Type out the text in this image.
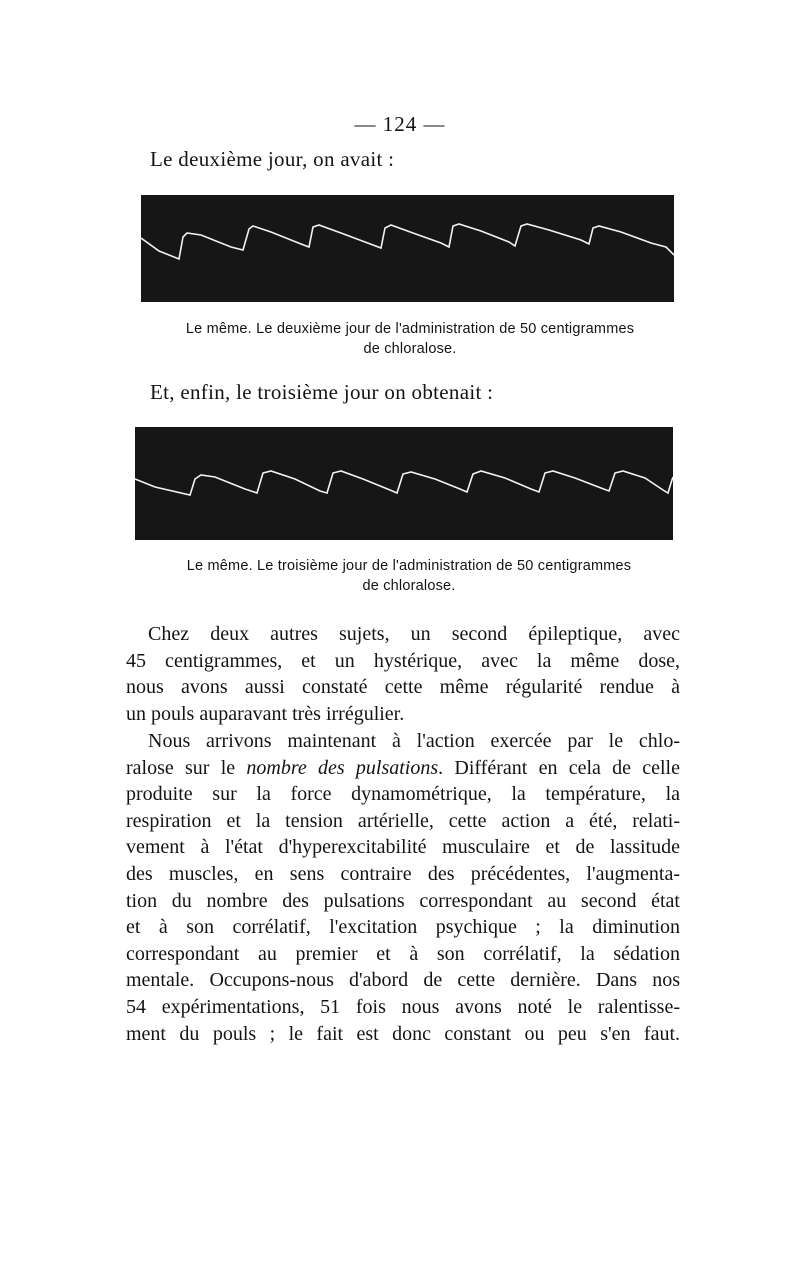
— 124 —
Le deuxième jour, on avait :
Le même. Le deuxième jour de l'administration de 50 centigrammes
de chloralose.
Et, enfin, le troisième jour on obtenait :
Le même. Le troisième jour de l'administration de 50 centigrammes
de chloralose.
Chez deux autres sujets, un second épileptique, avec
45 centigrammes, et un hystérique, avec la même dose,
nous avons aussi constaté cette même régularité rendue à
un pouls auparavant très irrégulier.
Nous arrivons maintenant à l'action exercée par le chlo-
ralose sur le nombre des pulsations. Différant en cela de celle
produite sur la force dynamométrique, la température, la
respiration et la tension artérielle, cette action a été, relati-
vement à l'état d'hyperexcitabilité musculaire et de lassitude
des muscles, en sens contraire des précédentes, l'augmenta-
tion du nombre des pulsations correspondant au second état
et à son corrélatif, l'excitation psychique ; la diminution
correspondant au premier et à son corrélatif, la sédation
mentale. Occupons-nous d'abord de cette dernière. Dans nos
54 expérimentations, 51 fois nous avons noté le ralentisse-
ment du pouls ; le fait est donc constant ou peu s'en faut.
